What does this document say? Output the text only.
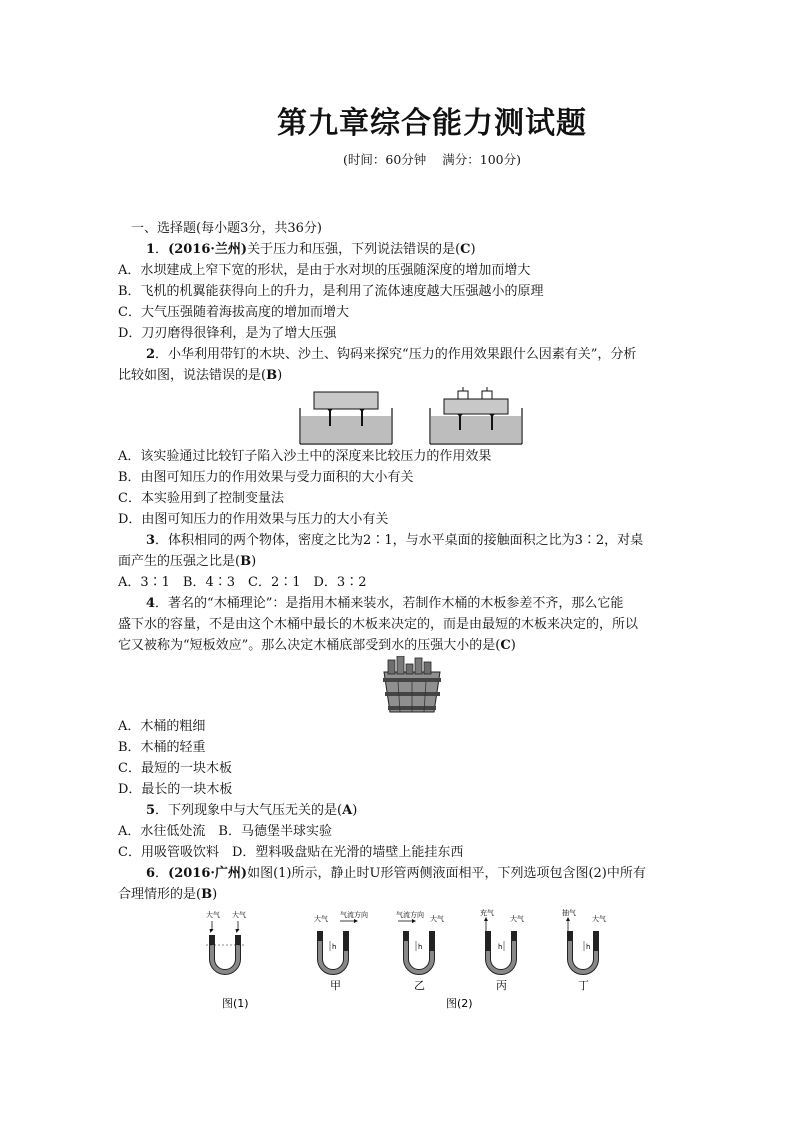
第九章综合能力测试题
(时间：60分钟 满分：100分)
　一、选择题(每小题3分，共36分)
1．(2016·兰州)关于压力和压强，下列说法错误的是(C)
A．水坝建成上窄下宽的形状，是由于水对坝的压强随深度的增加而增大
B．飞机的机翼能获得向上的升力，是利用了流体速度越大压强越小的原理
C．大气压强随着海拔高度的增加而增大
D．刀刃磨得很锋利，是为了增大压强
2．小华利用带钉的木块、沙土、钩码来探究“压力的作用效果跟什么因素有关”，分析
比较如图，说法错误的是(B)
A．该实验通过比较钉子陷入沙土中的深度来比较压力的作用效果
B．由图可知压力的作用效果与受力面积的大小有关
C．本实验用到了控制变量法
D．由图可知压力的作用效果与压力的大小有关
3．体积相同的两个物体，密度之比为2∶1，与水平桌面的接触面积之比为3∶2，对桌
面产生的压强之比是(B)
A．3∶1　B．4∶3　C．2∶1　D．3∶2
4．著名的“木桶理论”：是指用木桶来装水，若制作木桶的木板参差不齐，那么它能
盛下水的容量，不是由这个木桶中最长的木板来决定的，而是由最短的木板来决定的，所以
它又被称为“短板效应”。那么决定木桶底部受到水的压强大小的是(C)
A．木桶的粗细
B．木桶的轻重
C．最短的一块木板
D．最长的一块木板
5．下列现象中与大气压无关的是(A)
A．水往低处流　B．马德堡半球实验
C．用吸管吸饮料　D．塑料吸盘贴在光滑的墙壁上能挂东西
6．(2016·广州)如图(1)所示，静止时U形管两侧液面相平，下列选项包含图(2)中所有
合理情形的是(B)
大气 大气
图(1)
大气 气流方向
h
甲
气流方向 大气
h
乙
图(2)
充气
大气
h
丙
抽气
大气
h
丁
